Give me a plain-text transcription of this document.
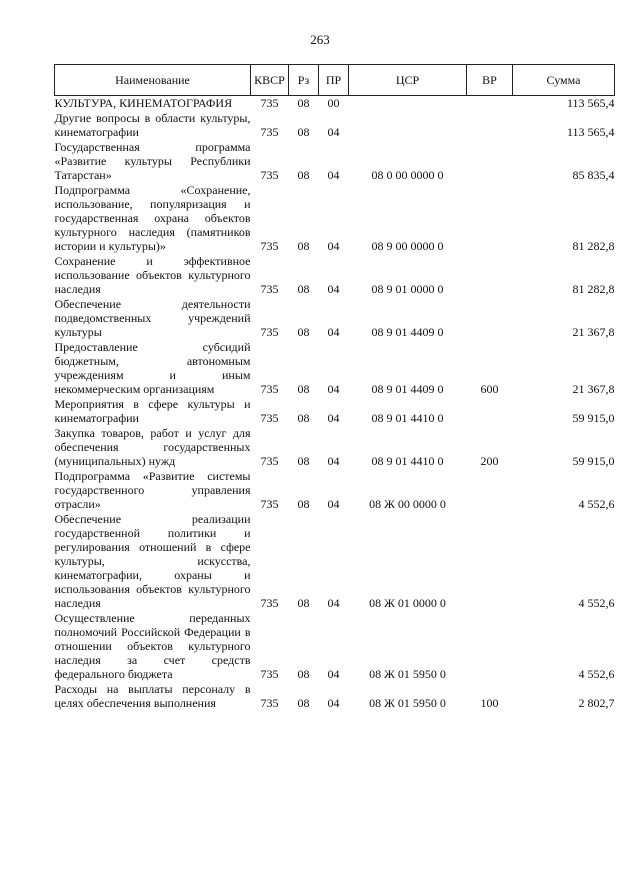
263
Наименование	КВСР	Рз	ПР	ЦСР	ВР	Сумма
КУЛЬТУРА, КИНЕМАТОГРАФИЯ	735	08	00			113 565,4
Другие вопросы в области культуры, кинематографии	735	08	04			113 565,4
Государственная программа «Развитие культуры Республики Татарстан»	735	08	04	08 0 00 0000 0		85 835,4
Подпрограмма «Сохранение, использование, популяризация и государственная охрана объектов культурного наследия (памятников истории и культуры)»	735	08	04	08 9 00 0000 0		81 282,8
Сохранение и эффективное использование объектов культурного наследия	735	08	04	08 9 01 0000 0		81 282,8
Обеспечение деятельности подведомственных учреждений культуры	735	08	04	08 9 01 4409 0		21 367,8
Предоставление субсидий бюджетным, автономным учреждениям и иным некоммерческим организациям	735	08	04	08 9 01 4409 0	600	21 367,8
Мероприятия в сфере культуры и кинематографии	735	08	04	08 9 01 4410 0		59 915,0
Закупка товаров, работ и услуг для обеспечения государственных (муниципальных) нужд	735	08	04	08 9 01 4410 0	200	59 915,0
Подпрограмма «Развитие системы государственного управления отрасли»	735	08	04	08 Ж 00 0000 0		4 552,6
Обеспечение реализации государственной политики и регулирования отношений в сфере культуры, искусства, кинематографии, охраны и использования объектов культурного наследия	735	08	04	08 Ж 01 0000 0		4 552,6
Осуществление переданных полномочий Российской Федерации в отношении объектов культурного наследия за счет средств федерального бюджета	735	08	04	08 Ж 01 5950 0		4 552,6
Расходы на выплаты персоналу в целях обеспечения выполнения	735	08	04	08 Ж 01 5950 0	100	2 802,7
